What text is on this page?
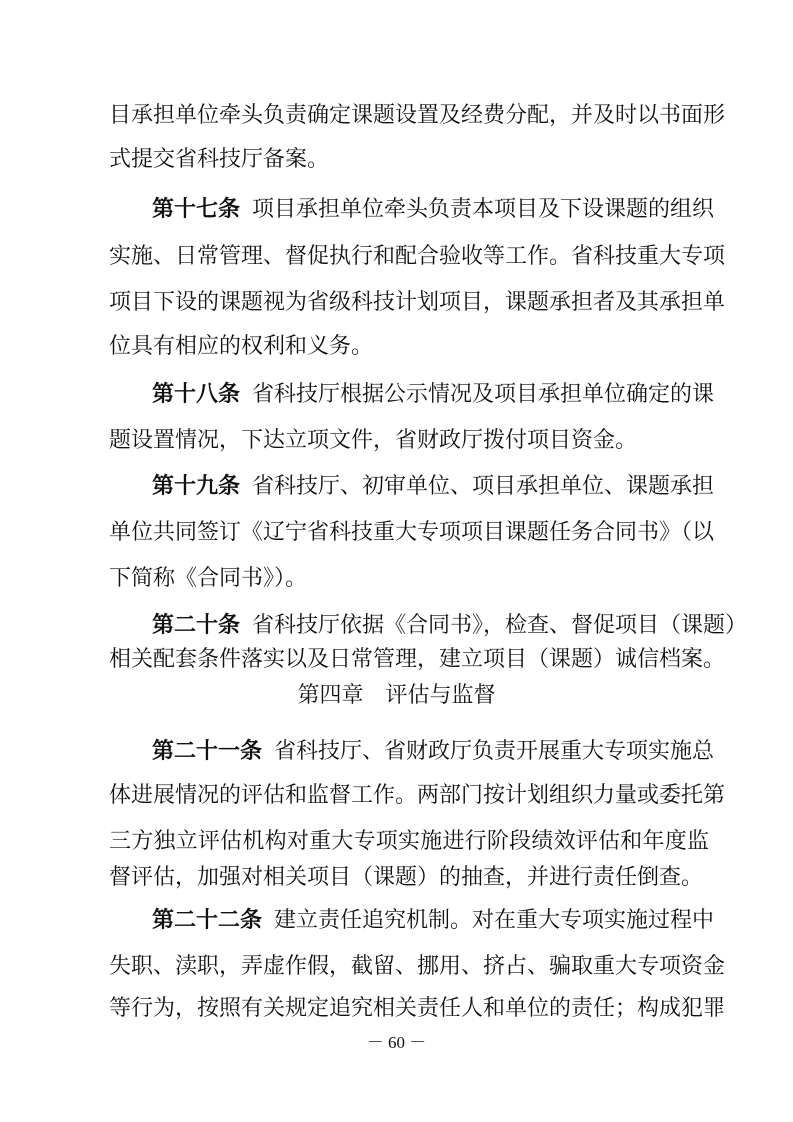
目承担单位牵头负责确定课题设置及经费分配，并及时以书面形
式提交省科技厅备案。
第十七条 项目承担单位牵头负责本项目及下设课题的组织
实施、日常管理、督促执行和配合验收等工作。省科技重大专项
项目下设的课题视为省级科技计划项目，课题承担者及其承担单
位具有相应的权利和义务。
第十八条 省科技厅根据公示情况及项目承担单位确定的课
题设置情况，下达立项文件，省财政厅拨付项目资金。
第十九条 省科技厅、初审单位、项目承担单位、课题承担
单位共同签订《辽宁省科技重大专项项目课题任务合同书》（以
下简称《合同书》）。
第二十条 省科技厅依据《合同书》，检查、督促项目（课题）
相关配套条件落实以及日常管理，建立项目（课题）诚信档案。
第四章 评估与监督
第二十一条 省科技厅、省财政厅负责开展重大专项实施总
体进展情况的评估和监督工作。两部门按计划组织力量或委托第
三方独立评估机构对重大专项实施进行阶段绩效评估和年度监
督评估，加强对相关项目（课题）的抽查，并进行责任倒查。
第二十二条 建立责任追究机制。对在重大专项实施过程中
失职、渎职，弄虚作假，截留、挪用、挤占、骗取重大专项资金
等行为，按照有关规定追究相关责任人和单位的责任；构成犯罪
－ 60 －
